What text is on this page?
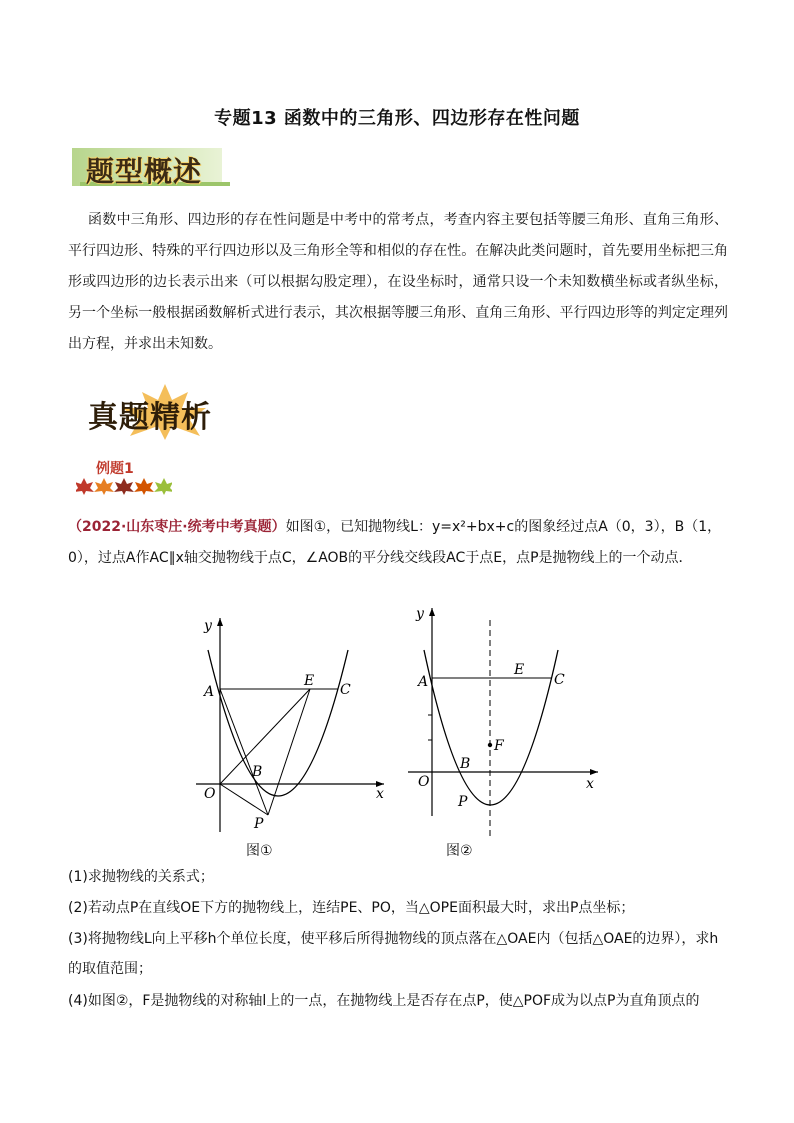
专题13 函数中的三角形、四边形存在性问题
题型概述
函数中三角形、四边形的存在性问题是中考中的常考点，考查内容主要包括等腰三角形、直角三角形、平行四边形、特殊的平行四边形以及三角形全等和相似的存在性。在解决此类问题时，首先要用坐标把三角形或四边形的边长表示出来（可以根据勾股定理），在设坐标时，通常只设一个未知数横坐标或者纵坐标，另一个坐标一般根据函数解析式进行表示，其次根据等腰三角形、直角三角形、平行四边形等的判定定理列出方程，并求出未知数。
真题精析
例题1
（2022·山东枣庄·统考中考真题）如图①，已知抛物线L：y=x²+bx+c的图象经过点A（0，3），B（1，0），过点A作AC∥x轴交抛物线于点C，∠AOB的平分线交线段AC于点E，点P是抛物线上的一个动点．
y
x
A
E
C
B
O
P
图①
y
x
A
E
C
F
B
O
P
图②
(1)求抛物线的关系式；
(2)若动点P在直线OE下方的抛物线上，连结PE、PO，当△OPE面积最大时，求出P点坐标；
(3)将抛物线L向上平移h个单位长度，使平移后所得抛物线的顶点落在△OAE内（包括△OAE的边界），求h的取值范围；
(4)如图②，F是抛物线的对称轴l上的一点，在抛物线上是否存在点P，使△POF成为以点P为直角顶点的
